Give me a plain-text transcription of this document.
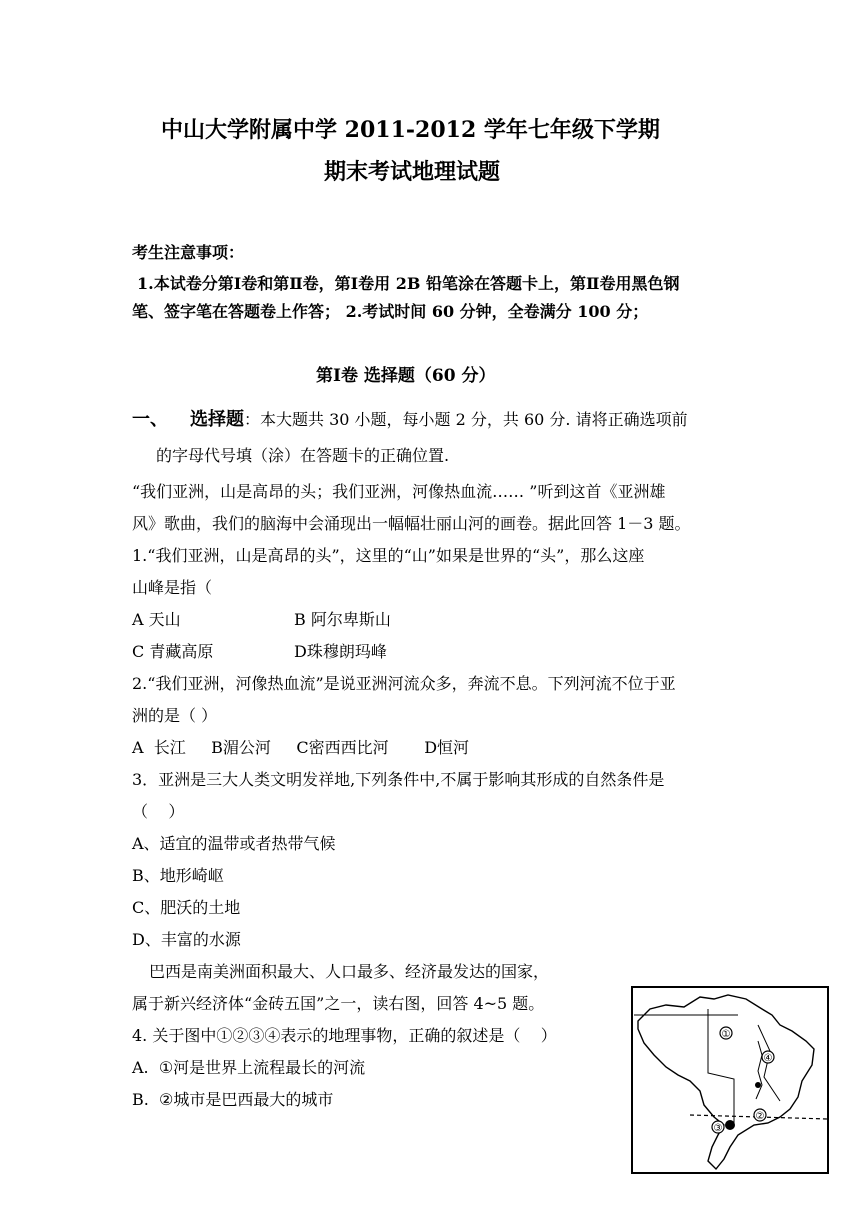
中山大学附属中学 2011-2012 学年七年级下学期
期末考试地理试题
考生注意事项：
1.本试卷分第Ⅰ卷和第Ⅱ卷，第Ⅰ卷用 2B 铅笔涂在答题卡上，第Ⅱ卷用黑色钢
笔、签字笔在答题卷上作答； 2.考试时间 60 分钟，全卷满分 100 分；
第Ⅰ卷 选择题（60 分）
一、 选择题：本大题共 30 小题，每小题 2 分，共 60 分. 请将正确选项前
的字母代号填（涂）在答题卡的正确位置.
“我们亚洲，山是高昂的头；我们亚洲，河像热血流…… ”听到这首《亚洲雄
风》歌曲，我们的脑海中会涌现出一幅幅壮丽山河的画卷。据此回答 1－3 题。
1.“我们亚洲，山是高昂的头”，这里的“山”如果是世界的“头”，那么这座
山峰是指（
A 天山	B 阿尔卑斯山
C 青藏高原	D珠穆朗玛峰
2.“我们亚洲，河像热血流”是说亚洲河流众多，奔流不息。下列河流不位于亚
洲的是（ ）
A  长江     B湄公河     C密西西比河       D恒河
3．亚洲是三大人类文明发祥地,下列条件中,不属于影响其形成的自然条件是
（    ）
A、适宜的温带或者热带气候
B、地形崎岖
C、肥沃的土地
D、丰富的水源
巴西是南美洲面积最大、人口最多、经济最发达的国家，
属于新兴经济体“金砖五国”之一，读右图，回答 4~5 题。
4. 关于图中①②③④表示的地理事物，正确的叙述是（    ）
A.  ①河是世界上流程最长的河流
B.  ②城市是巴西最大的城市
①
④
②
③
